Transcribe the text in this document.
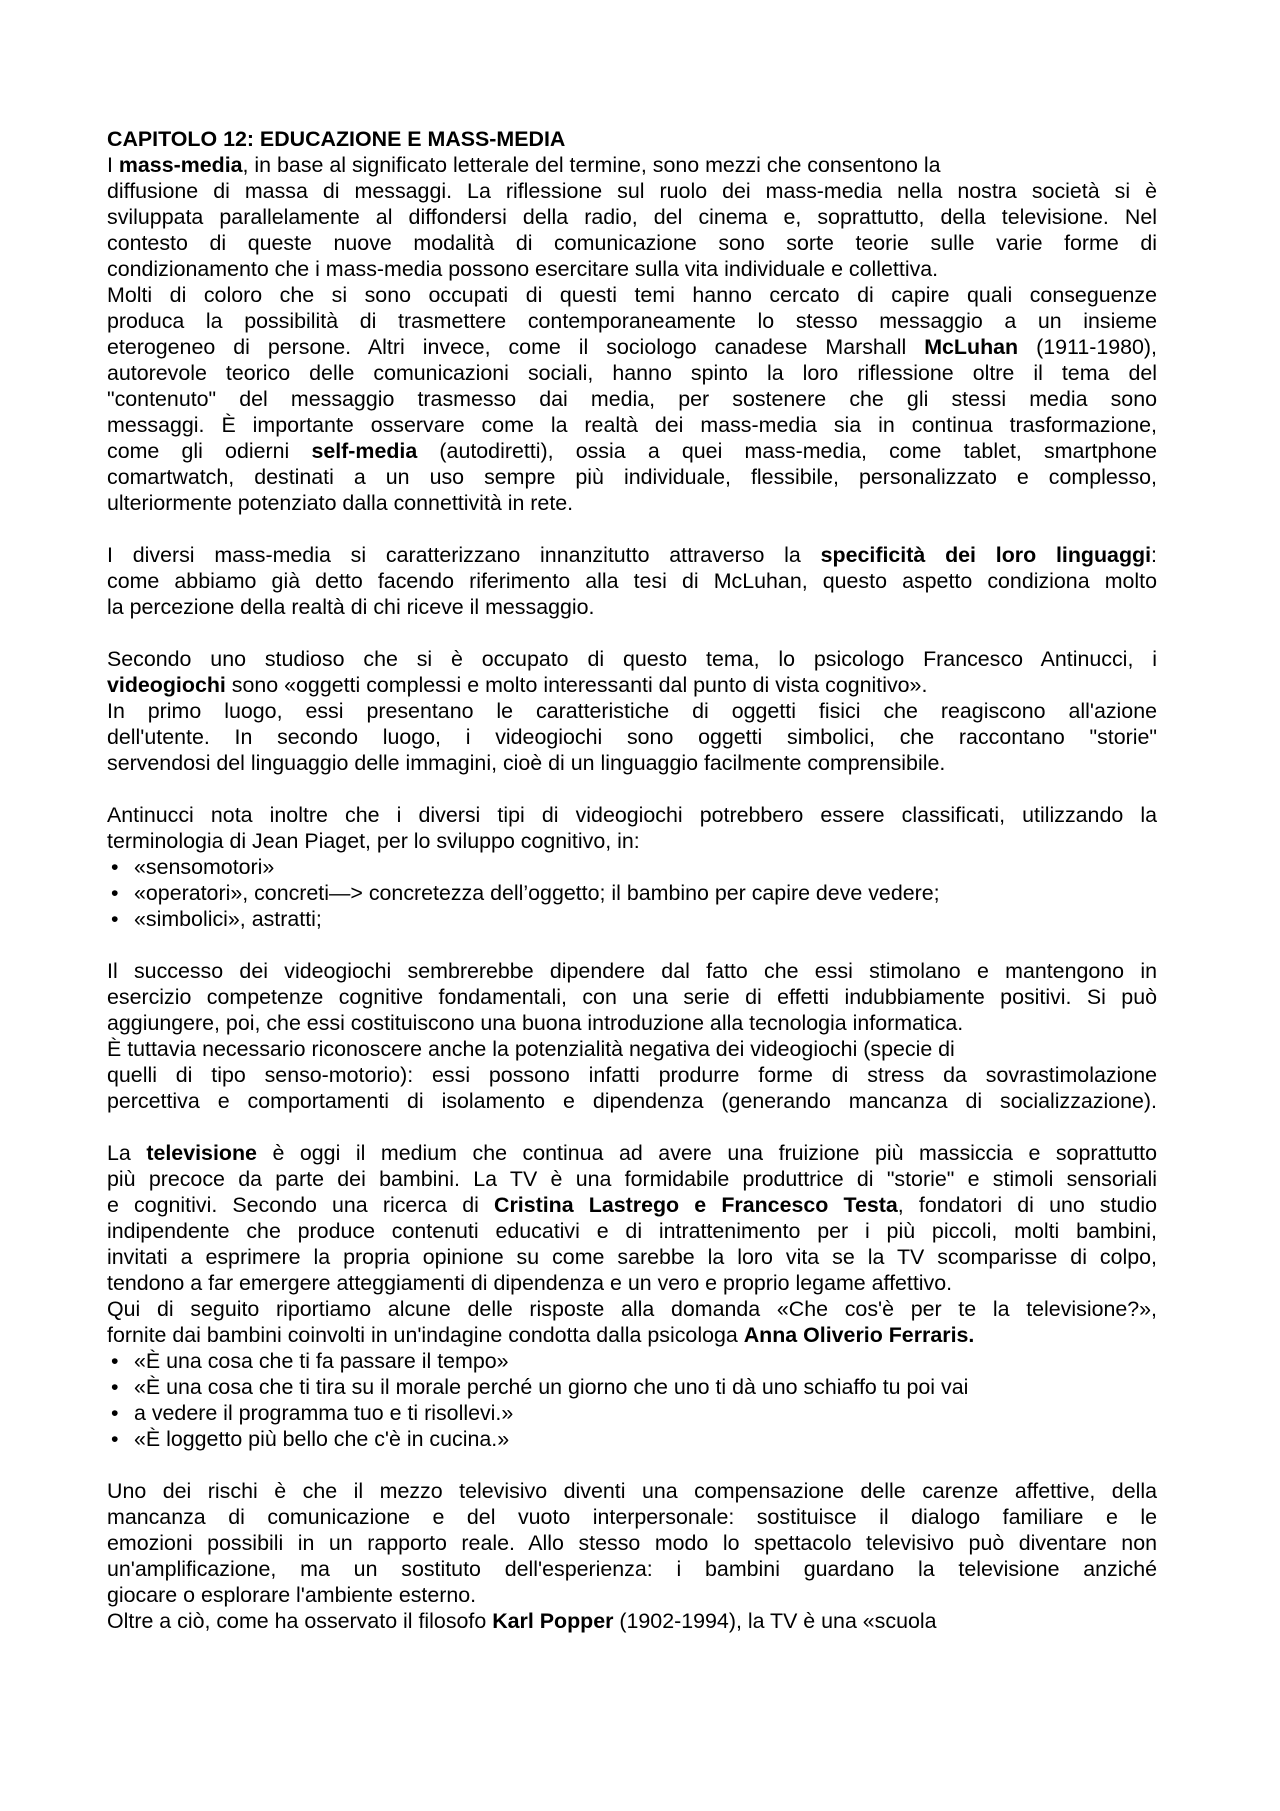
CAPITOLO 12: EDUCAZIONE E MASS-MEDIA
I mass-media, in base al significato letterale del termine, sono mezzi che consentono la
diffusione di massa di messaggi. La riflessione sul ruolo dei mass-media nella nostra società si è
sviluppata parallelamente al diffondersi della radio, del cinema e, soprattutto, della televisione. Nel
contesto di queste nuove modalità di comunicazione sono sorte teorie sulle varie forme di
condizionamento che i mass-media possono esercitare sulla vita individuale e collettiva.
Molti di coloro che si sono occupati di questi temi hanno cercato di capire quali conseguenze
produca la possibilità di trasmettere contemporaneamente lo stesso messaggio a un insieme
eterogeneo di persone. Altri invece, come il sociologo canadese Marshall McLuhan (1911-1980),
autorevole teorico delle comunicazioni sociali, hanno spinto la loro riflessione oltre il tema del
"contenuto" del messaggio trasmesso dai media, per sostenere che gli stessi media sono
messaggi. È importante osservare come la realtà dei mass-media sia in continua trasformazione,
come gli odierni self-media (autodiretti), ossia a quei mass-media, come tablet, smartphone
comartwatch, destinati a un uso sempre più individuale, flessibile, personalizzato e complesso,
ulteriormente potenziato dalla connettività in rete.
I diversi mass-media si caratterizzano innanzitutto attraverso la specificità dei loro linguaggi:
come abbiamo già detto facendo riferimento alla tesi di McLuhan, questo aspetto condiziona molto
la percezione della realtà di chi riceve il messaggio.
Secondo uno studioso che si è occupato di questo tema, lo psicologo Francesco Antinucci, i
videogiochi sono «oggetti complessi e molto interessanti dal punto di vista cognitivo».
In primo luogo, essi presentano le caratteristiche di oggetti fisici che reagiscono all'azione
dell'utente. In secondo luogo, i videogiochi sono oggetti simbolici, che raccontano "storie"
servendosi del linguaggio delle immagini, cioè di un linguaggio facilmente comprensibile.
Antinucci nota inoltre che i diversi tipi di videogiochi potrebbero essere classificati, utilizzando la
terminologia di Jean Piaget, per lo sviluppo cognitivo, in:
• «sensomotori»
• «operatori», concreti—> concretezza dell’oggetto; il bambino per capire deve vedere;
• «simbolici», astratti;
Il successo dei videogiochi sembrerebbe dipendere dal fatto che essi stimolano e mantengono in
esercizio competenze cognitive fondamentali, con una serie di effetti indubbiamente positivi. Si può
aggiungere, poi, che essi costituiscono una buona introduzione alla tecnologia informatica.
È tuttavia necessario riconoscere anche la potenzialità negativa dei videogiochi (specie di
quelli di tipo senso-motorio): essi possono infatti produrre forme di stress da sovrastimolazione
percettiva e comportamenti di isolamento e dipendenza (generando mancanza di socializzazione).
La televisione è oggi il medium che continua ad avere una fruizione più massiccia e soprattutto
più precoce da parte dei bambini. La TV è una formidabile produttrice di "storie" e stimoli sensoriali
e cognitivi. Secondo una ricerca di Cristina Lastrego e Francesco Testa, fondatori di uno studio
indipendente che produce contenuti educativi e di intrattenimento per i più piccoli, molti bambini,
invitati a esprimere la propria opinione su come sarebbe la loro vita se la TV scomparisse di colpo,
tendono a far emergere atteggiamenti di dipendenza e un vero e proprio legame affettivo.
Qui di seguito riportiamo alcune delle risposte alla domanda «Che cos'è per te la televisione?»,
fornite dai bambini coinvolti in un'indagine condotta dalla psicologa Anna Oliverio Ferraris.
• «È una cosa che ti fa passare il tempo»
• «È una cosa che ti tira su il morale perché un giorno che uno ti dà uno schiaffo tu poi vai
• a vedere il programma tuo e ti risollevi.»
• «È loggetto più bello che c'è in cucina.»
Uno dei rischi è che il mezzo televisivo diventi una compensazione delle carenze affettive, della
mancanza di comunicazione e del vuoto interpersonale: sostituisce il dialogo familiare e le
emozioni possibili in un rapporto reale. Allo stesso modo lo spettacolo televisivo può diventare non
un'amplificazione, ma un sostituto dell'esperienza: i bambini guardano la televisione anziché
giocare o esplorare l'ambiente esterno.
Oltre a ciò, come ha osservato il filosofo Karl Popper (1902-1994), la TV è una «scuola
